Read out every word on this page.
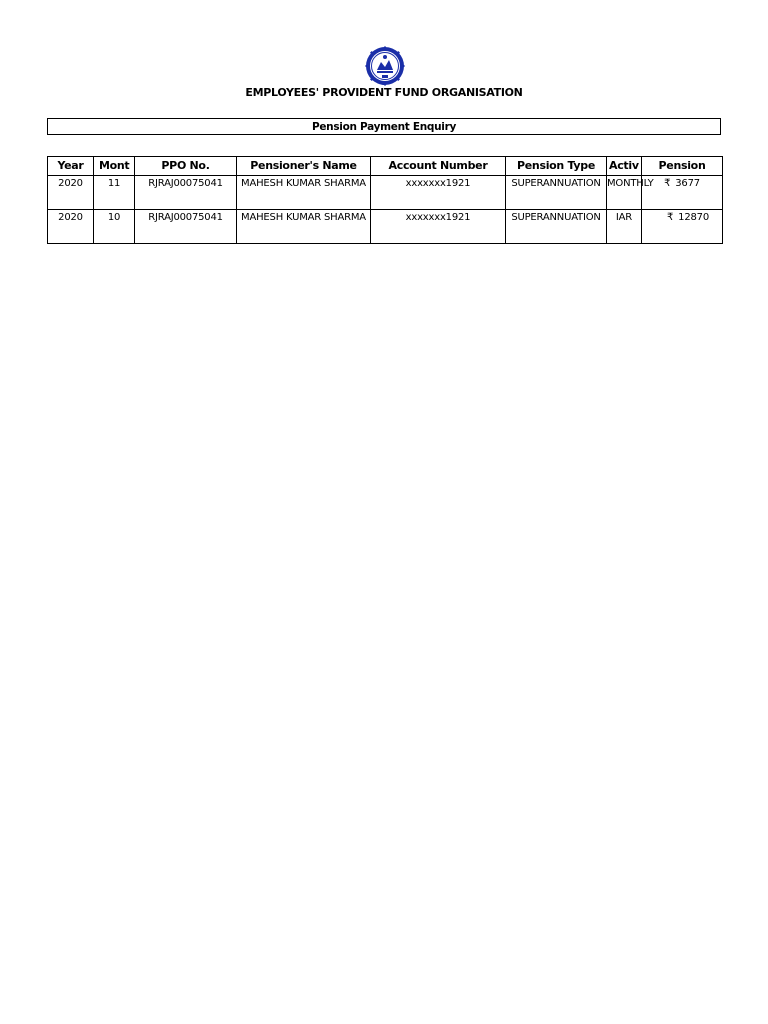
EMPLOYEES' PROVIDENT FUND ORGANISATION
Pension Payment Enquiry
Year	Mont	PPO No.	Pensioner's Name	Account Number	Pension Type	Activ	Pension
2020	11	RJRAJ00075041	MAHESH KUMAR SHARMA	xxxxxxx1921	SUPERANNUATION	MONTHLY	₹ 3677
2020	10	RJRAJ00075041	MAHESH KUMAR SHARMA	xxxxxxx1921	SUPERANNUATION	IAR	₹ 12870
